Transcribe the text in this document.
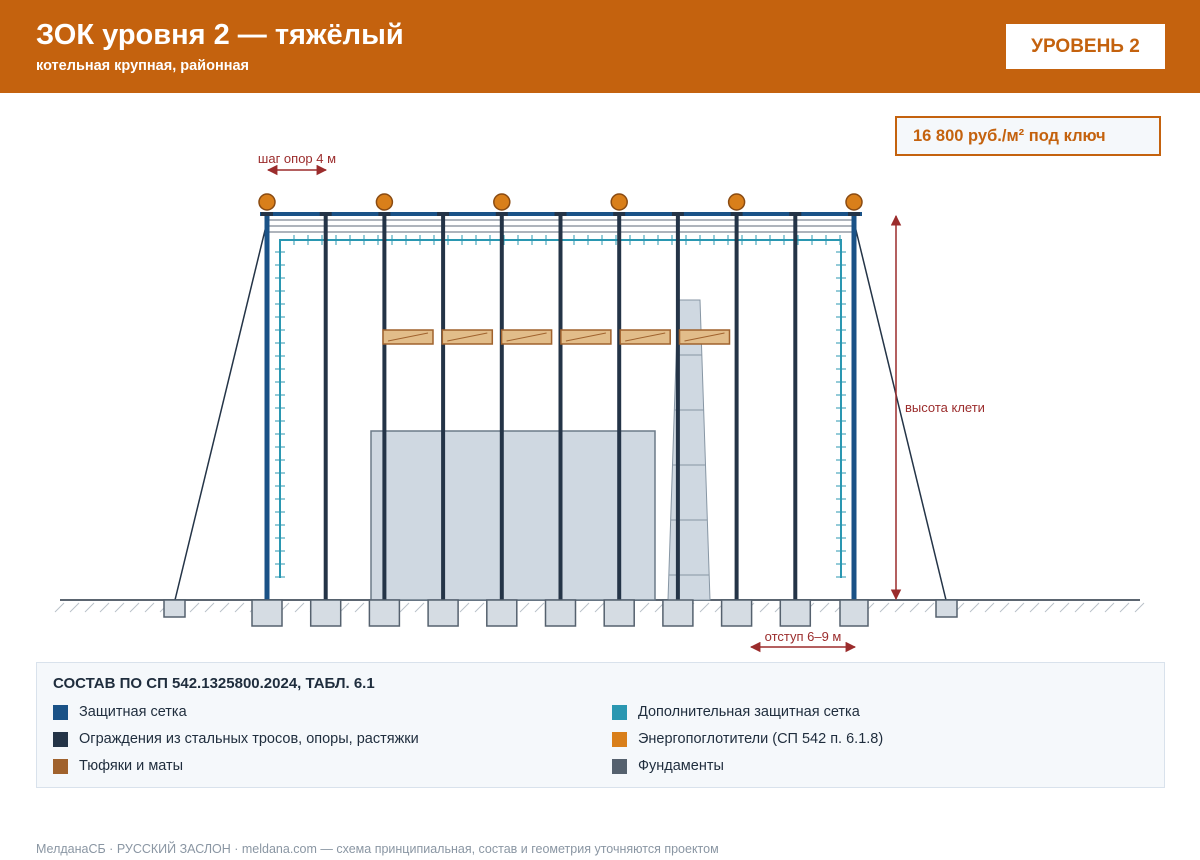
ЗОК уровня 2 — тяжёлый
котельная крупная, районная
УРОВЕНЬ 2
16 800 руб./м² под ключ
шаг опор 4 м
высота клети
отступ 6–9 м
СОСТАВ ПО СП 542.1325800.2024, ТАБЛ. 6.1
Защитная сетка	Дополнительная защитная сетка
Ограждения из стальных тросов, опоры, растяжки	Энергопоглотители (СП 542 п. 6.1.8)
Тюфяки и маты	Фундаменты
МелданаСБ · РУССКИЙ ЗАСЛОН · meldana.com — схема принципиальная, состав и геометрия уточняются проектом
